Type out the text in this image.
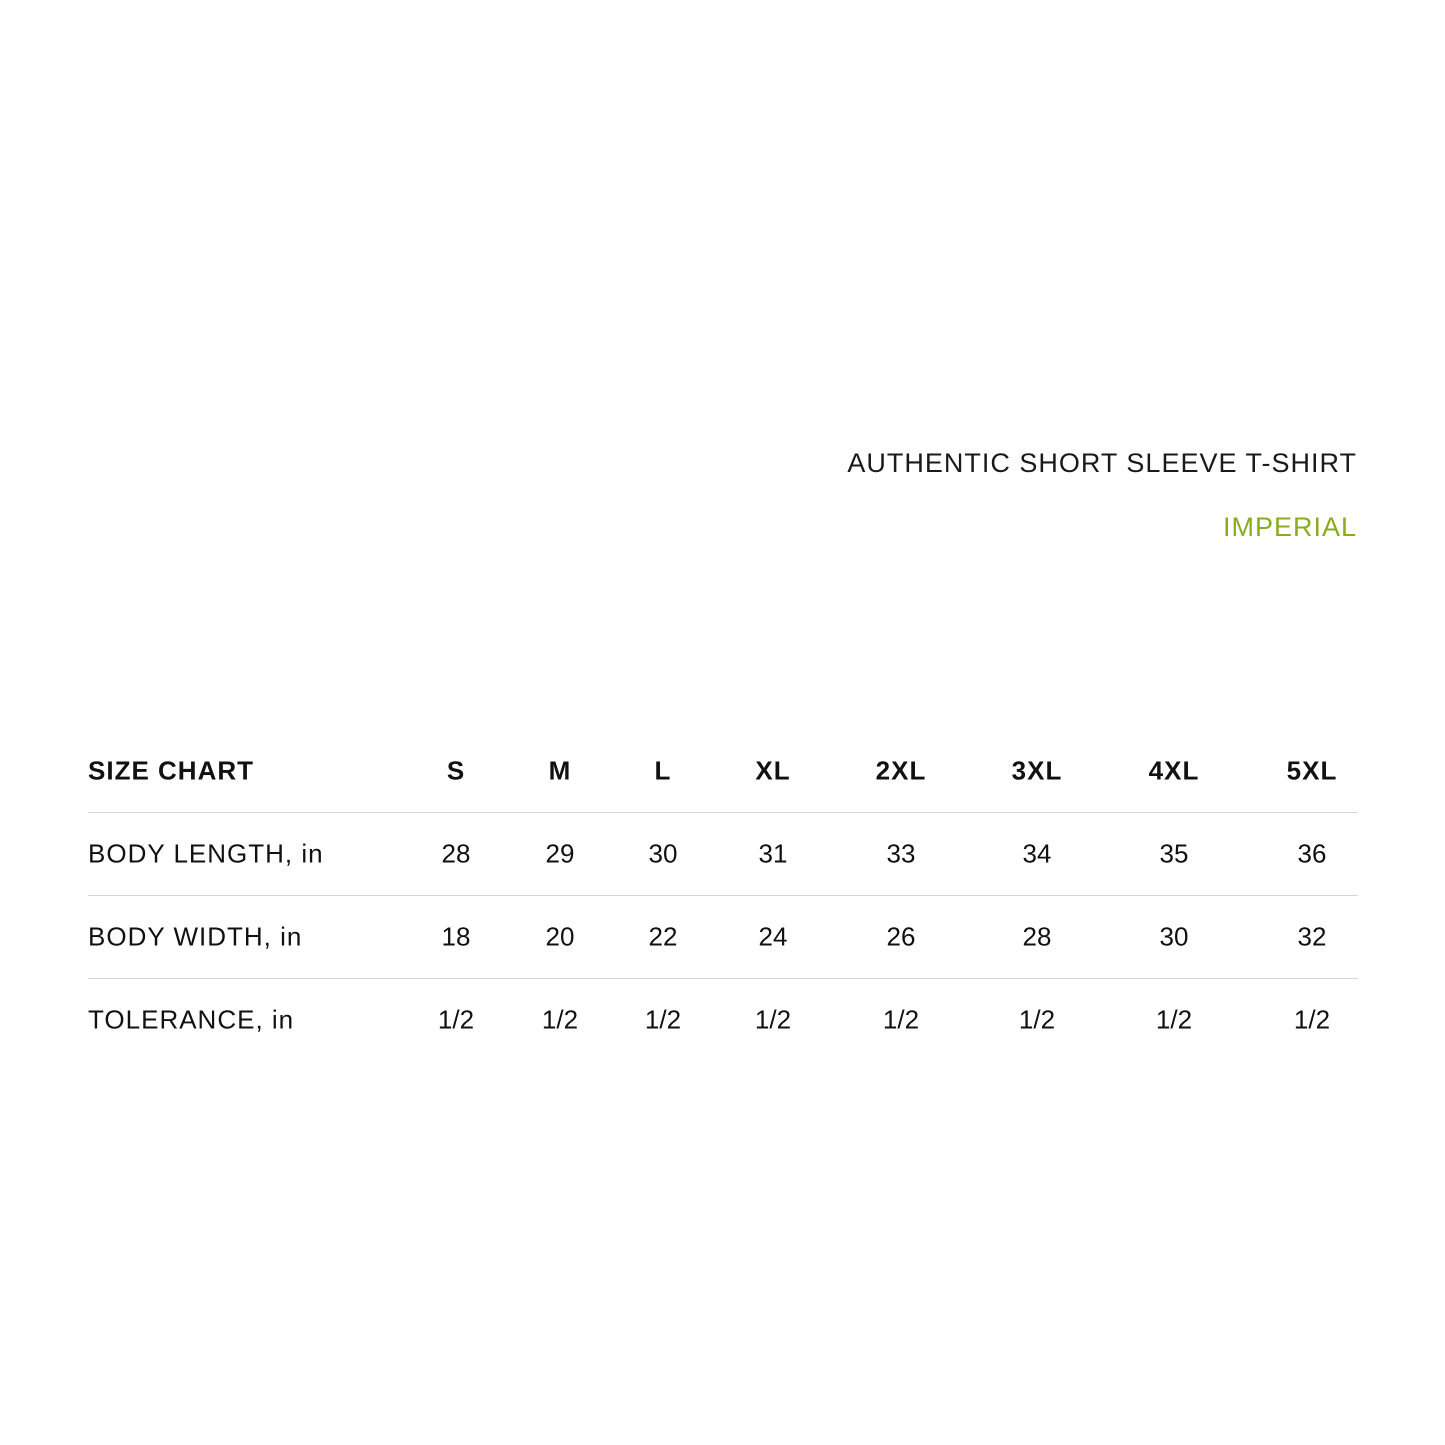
AUTHENTIC SHORT SLEEVE T-SHIRT
IMPERIAL
SIZE CHART	S	M	L	XL	2XL	3XL	4XL	5XL
BODY LENGTH, in	28	29	30	31	33	34	35	36
BODY WIDTH, in	18	20	22	24	26	28	30	32
TOLERANCE, in	1/2	1/2	1/2	1/2	1/2	1/2	1/2	1/2
